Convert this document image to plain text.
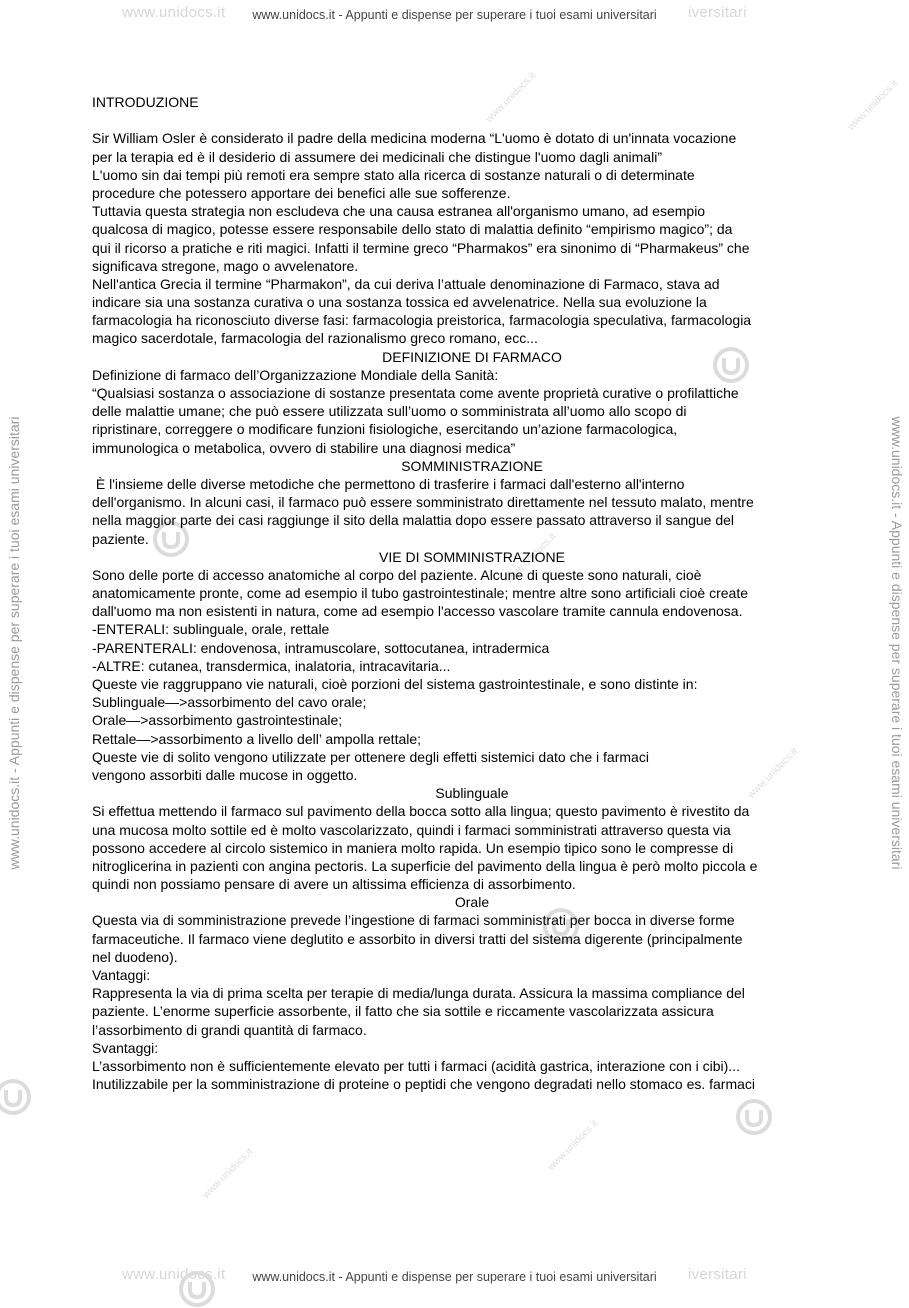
www.unidocs.it www.unidocs.it - Appunti e dispense per superare i tuoi esami universitari iversitari
www.unidocs.it www.unidocs.it - Appunti e dispense per superare i tuoi esami universitari iversitari
www.unidocs.it - Appunti e dispense per superare i tuoi esami universitari	www.unidocs.it - Appunti e dispense per superare i tuoi esami universitari
www.unidocs.it
www.unidocs.it
www.unidocs.it
www.unidocs.it
www.unidocs.it
www.unidocs.it
INTRODUZIONE
Sir William Osler è considerato il padre della medicina moderna “L'uomo è dotato di un'innata vocazione
per la terapia ed è il desiderio di assumere dei medicinali che distingue l'uomo dagli animali”
L'uomo sin dai tempi più remoti era sempre stato alla ricerca di sostanze naturali o di determinate
procedure che potessero apportare dei benefici alle sue sofferenze.
Tuttavia questa strategia non escludeva che una causa estranea all'organismo umano, ad esempio
qualcosa di magico, potesse essere responsabile dello stato di malattia definito “empirismo magico”; da
qui il ricorso a pratiche e riti magici. Infatti il termine greco “Pharmakos” era sinonimo di “Pharmakeus” che
significava stregone, mago o avvelenatore.
Nell'antica Grecia il termine “Pharmakon”, da cui deriva l’attuale denominazione di Farmaco, stava ad
indicare sia una sostanza curativa o una sostanza tossica ed avvelenatrice. Nella sua evoluzione la
farmacologia ha riconosciuto diverse fasi: farmacologia preistorica, farmacologia speculativa, farmacologia
magico sacerdotale, farmacologia del razionalismo greco romano, ecc...
DEFINIZIONE DI FARMACO
Definizione di farmaco dell’Organizzazione Mondiale della Sanità:
“Qualsiasi sostanza o associazione di sostanze presentata come avente proprietà curative o profilattiche
delle malattie umane; che può essere utilizzata sull’uomo o somministrata all’uomo allo scopo di
ripristinare, correggere o modificare funzioni fisiologiche, esercitando un’azione farmacologica,
immunologica o metabolica, ovvero di stabilire una diagnosi medica”
SOMMINISTRAZIONE
È l'insieme delle diverse metodiche che permettono di trasferire i farmaci dall'esterno all'interno
dell'organismo. In alcuni casi, il farmaco può essere somministrato direttamente nel tessuto malato, mentre
nella maggior parte dei casi raggiunge il sito della malattia dopo essere passato attraverso il sangue del
paziente.
VIE DI SOMMINISTRAZIONE
Sono delle porte di accesso anatomiche al corpo del paziente. Alcune di queste sono naturali, cioè
anatomicamente pronte, come ad esempio il tubo gastrointestinale; mentre altre sono artificiali cioè create
dall'uomo ma non esistenti in natura, come ad esempio l'accesso vascolare tramite cannula endovenosa.
-ENTERALI: sublinguale, orale, rettale
-PARENTERALI: endovenosa, intramuscolare, sottocutanea, intradermica
-ALTRE: cutanea, transdermica, inalatoria, intracavitaria...
Queste vie raggruppano vie naturali, cioè porzioni del sistema gastrointestinale, e sono distinte in:
Sublinguale—>assorbimento del cavo orale;
Orale—>assorbimento gastrointestinale;
Rettale—>assorbimento a livello dell’ ampolla rettale;
Queste vie di solito vengono utilizzate per ottenere degli effetti sistemici dato che i farmaci
vengono assorbiti dalle mucose in oggetto.
Sublinguale
Si effettua mettendo il farmaco sul pavimento della bocca sotto alla lingua; questo pavimento è rivestito da
una mucosa molto sottile ed è molto vascolarizzato, quindi i farmaci somministrati attraverso questa via
possono accedere al circolo sistemico in maniera molto rapida. Un esempio tipico sono le compresse di
nitroglicerina in pazienti con angina pectoris. La superficie del pavimento della lingua è però molto piccola e
quindi non possiamo pensare di avere un altissima efficienza di assorbimento.
Orale
Questa via di somministrazione prevede l’ingestione di farmaci somministrati per bocca in diverse forme
farmaceutiche. Il farmaco viene deglutito e assorbito in diversi tratti del sistema digerente (principalmente
nel duodeno).
Vantaggi:
Rappresenta la via di prima scelta per terapie di media/lunga durata. Assicura la massima compliance del
paziente. L’enorme superficie assorbente, il fatto che sia sottile e riccamente vascolarizzata assicura
l’assorbimento di grandi quantità di farmaco.
Svantaggi:
L’assorbimento non è sufficientemente elevato per tutti i farmaci (acidità gastrica, interazione con i cibi)...
Inutilizzabile per la somministrazione di proteine o peptidi che vengono degradati nello stomaco es. farmaci
